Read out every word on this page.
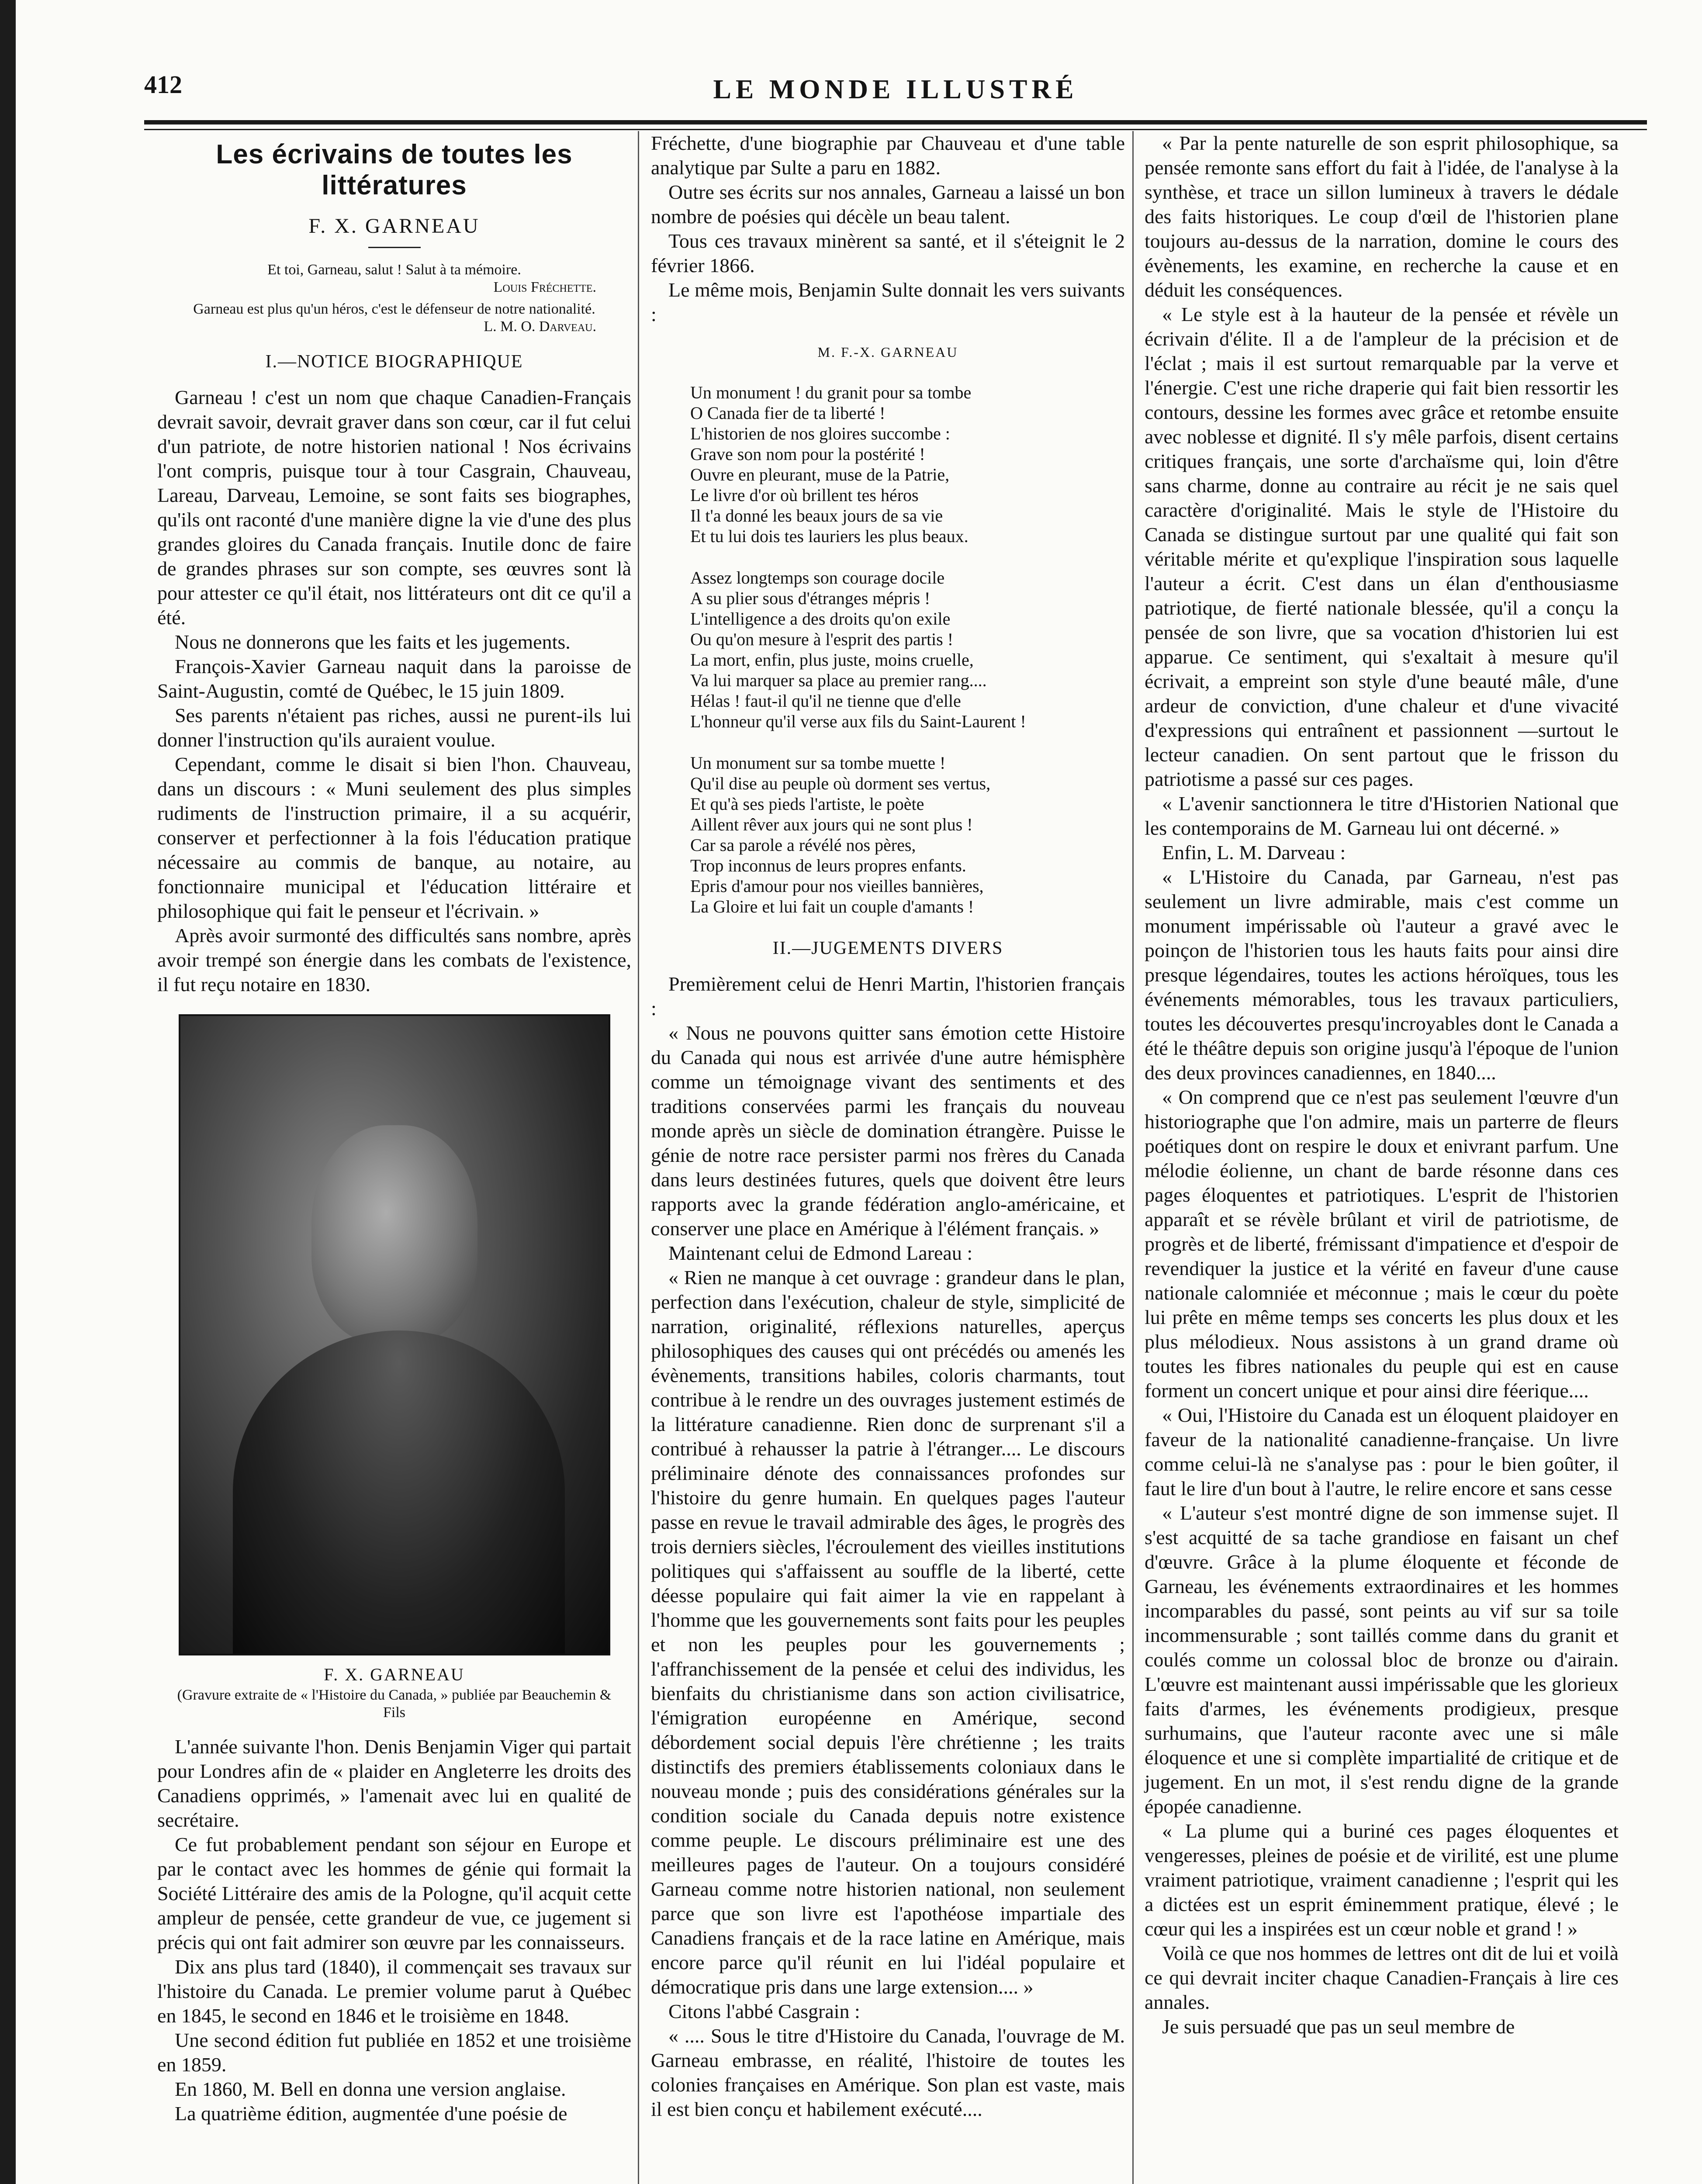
412	LE MONDE ILLUSTRÉ
Les écrivains de toutes les littératures
F. X. GARNEAU
Et toi, Garneau, salut ! Salut à ta mémoire.
Louis Fréchette.
Garneau est plus qu'un héros, c'est le défenseur de notre nationalité.
L. M. O. Darveau.
I.—NOTICE BIOGRAPHIQUE

Garneau ! c'est un nom que chaque Canadien-Français devrait savoir, devrait graver dans son cœur, car il fut celui d'un patriote, de notre historien national ! Nos écrivains l'ont compris, puisque tour à tour Casgrain, Chauveau, Lareau, Darveau, Lemoine, se sont faits ses biographes, qu'ils ont raconté d'une manière digne la vie d'une des plus grandes gloires du Canada français. Inutile donc de faire de grandes phrases sur son compte, ses œuvres sont là pour attester ce qu'il était, nos littérateurs ont dit ce qu'il a été.

Nous ne donnerons que les faits et les jugements.

François-Xavier Garneau naquit dans la paroisse de Saint-Augustin, comté de Québec, le 15 juin 1809.

Ses parents n'étaient pas riches, aussi ne purent-ils lui donner l'instruction qu'ils auraient voulue.

Cependant, comme le disait si bien l'hon. Chauveau, dans un discours : « Muni seulement des plus simples rudiments de l'instruction primaire, il a su acquérir, conserver et perfectionner à la fois l'éducation pratique nécessaire au commis de banque, au notaire, au fonctionnaire municipal et l'éducation littéraire et philosophique qui fait le penseur et l'écrivain. »

Après avoir surmonté des difficultés sans nombre, après avoir trempé son énergie dans les combats de l'existence, il fut reçu notaire en 1830.

F. X. GARNEAU
(Gravure extraite de « l'Histoire du Canada, » publiée par Beauchemin & Fils

L'année suivante l'hon. Denis Benjamin Viger qui partait pour Londres afin de « plaider en Angleterre les droits des Canadiens opprimés, » l'amenait avec lui en qualité de secrétaire.

Ce fut probablement pendant son séjour en Europe et par le contact avec les hommes de génie qui formait la Société Littéraire des amis de la Pologne, qu'il acquit cette ampleur de pensée, cette grandeur de vue, ce jugement si précis qui ont fait admirer son œuvre par les connaisseurs.

Dix ans plus tard (1840), il commençait ses travaux sur l'histoire du Canada. Le premier volume parut à Québec en 1845, le second en 1846 et le troisième en 1848.

Une second édition fut publiée en 1852 et une troisième en 1859.

En 1860, M. Bell en donna une version anglaise.

La quatrième édition, augmentée d'une poésie de

Fréchette, d'une biographie par Chauveau et d'une table analytique par Sulte a paru en 1882.

Outre ses écrits sur nos annales, Garneau a laissé un bon nombre de poésies qui décèle un beau talent.

Tous ces travaux minèrent sa santé, et il s'éteignit le 2 février 1866.

Le même mois, Benjamin Sulte donnait les vers suivants :

M. F.-X. GARNEAU
Un monument ! du granit pour sa tombe
O Canada fier de ta liberté !
L'historien de nos gloires succombe :
Grave son nom pour la postérité !
Ouvre en pleurant, muse de la Patrie,
Le livre d'or où brillent tes héros
Il t'a donné les beaux jours de sa vie
Et tu lui dois tes lauriers les plus beaux.
Assez longtemps son courage docile
A su plier sous d'étranges mépris !
L'intelligence a des droits qu'on exile
Ou qu'on mesure à l'esprit des partis !
La mort, enfin, plus juste, moins cruelle,
Va lui marquer sa place au premier rang....
Hélas ! faut-il qu'il ne tienne que d'elle
L'honneur qu'il verse aux fils du Saint-Laurent !
Un monument sur sa tombe muette !
Qu'il dise au peuple où dorment ses vertus,
Et qu'à ses pieds l'artiste, le poète
Aillent rêver aux jours qui ne sont plus !
Car sa parole a révélé nos pères,
Trop inconnus de leurs propres enfants.
Epris d'amour pour nos vieilles bannières,
La Gloire et lui fait un couple d'amants !
II.—JUGEMENTS DIVERS

Premièrement celui de Henri Martin, l'historien français :

« Nous ne pouvons quitter sans émotion cette Histoire du Canada qui nous est arrivée d'une autre hémisphère comme un témoignage vivant des sentiments et des traditions conservées parmi les français du nouveau monde après un siècle de domination étrangère. Puisse le génie de notre race persister parmi nos frères du Canada dans leurs destinées futures, quels que doivent être leurs rapports avec la grande fédération anglo-américaine, et conserver une place en Amérique à l'élément français. »

Maintenant celui de Edmond Lareau :

« Rien ne manque à cet ouvrage : grandeur dans le plan, perfection dans l'exécution, chaleur de style, simplicité de narration, originalité, réflexions naturelles, aperçus philosophiques des causes qui ont précédés ou amenés les évènements, transitions habiles, coloris charmants, tout contribue à le rendre un des ouvrages justement estimés de la littérature canadienne. Rien donc de surprenant s'il a contribué à rehausser la patrie à l'étranger.... Le discours préliminaire dénote des connaissances profondes sur l'histoire du genre humain. En quelques pages l'auteur passe en revue le travail admirable des âges, le progrès des trois derniers siècles, l'écroulement des vieilles institutions politiques qui s'affaissent au souffle de la liberté, cette déesse populaire qui fait aimer la vie en rappelant à l'homme que les gouvernements sont faits pour les peuples et non les peuples pour les gouvernements ; l'affranchissement de la pensée et celui des individus, les bienfaits du christianisme dans son action civilisatrice, l'émigration européenne en Amérique, second débordement social depuis l'ère chrétienne ; les traits distinctifs des premiers établissements coloniaux dans le nouveau monde ; puis des considérations générales sur la condition sociale du Canada depuis notre existence comme peuple. Le discours préliminaire est une des meilleures pages de l'auteur. On a toujours considéré Garneau comme notre historien national, non seulement parce que son livre est l'apothéose impartiale des Canadiens français et de la race latine en Amérique, mais encore parce qu'il réunit en lui l'idéal populaire et démocratique pris dans une large extension.... »

Citons l'abbé Casgrain :

« .... Sous le titre d'Histoire du Canada, l'ouvrage de M. Garneau embrasse, en réalité, l'histoire de toutes les colonies françaises en Amérique. Son plan est vaste, mais il est bien conçu et habilement exécuté....

« Par la pente naturelle de son esprit philosophique, sa pensée remonte sans effort du fait à l'idée, de l'analyse à la synthèse, et trace un sillon lumineux à travers le dédale des faits historiques. Le coup d'œil de l'historien plane toujours au-dessus de la narration, domine le cours des évènements, les examine, en recherche la cause et en déduit les conséquences.

« Le style est à la hauteur de la pensée et révèle un écrivain d'élite. Il a de l'ampleur de la précision et de l'éclat ; mais il est surtout remarquable par la verve et l'énergie. C'est une riche draperie qui fait bien ressortir les contours, dessine les formes avec grâce et retombe ensuite avec noblesse et dignité. Il s'y mêle parfois, disent certains critiques français, une sorte d'archaïsme qui, loin d'être sans charme, donne au contraire au récit je ne sais quel caractère d'originalité. Mais le style de l'Histoire du Canada se distingue surtout par une qualité qui fait son véritable mérite et qu'explique l'inspiration sous laquelle l'auteur a écrit. C'est dans un élan d'enthousiasme patriotique, de fierté nationale blessée, qu'il a conçu la pensée de son livre, que sa vocation d'historien lui est apparue. Ce sentiment, qui s'exaltait à mesure qu'il écrivait, a empreint son style d'une beauté mâle, d'une ardeur de conviction, d'une chaleur et d'une vivacité d'expressions qui entraînent et passionnent —surtout le lecteur canadien. On sent partout que le frisson du patriotisme a passé sur ces pages.

« L'avenir sanctionnera le titre d'Historien National que les contemporains de M. Garneau lui ont décerné. »

Enfin, L. M. Darveau :

« L'Histoire du Canada, par Garneau, n'est pas seulement un livre admirable, mais c'est comme un monument impérissable où l'auteur a gravé avec le poinçon de l'historien tous les hauts faits pour ainsi dire presque légendaires, toutes les actions héroïques, tous les événements mémorables, tous les travaux particuliers, toutes les découvertes presqu'incroyables dont le Canada a été le théâtre depuis son origine jusqu'à l'époque de l'union des deux provinces canadiennes, en 1840....

« On comprend que ce n'est pas seulement l'œuvre d'un historiographe que l'on admire, mais un parterre de fleurs poétiques dont on respire le doux et enivrant parfum. Une mélodie éolienne, un chant de barde résonne dans ces pages éloquentes et patriotiques. L'esprit de l'historien apparaît et se révèle brûlant et viril de patriotisme, de progrès et de liberté, frémissant d'impatience et d'espoir de revendiquer la justice et la vérité en faveur d'une cause nationale calomniée et méconnue ; mais le cœur du poète lui prête en même temps ses concerts les plus doux et les plus mélodieux. Nous assistons à un grand drame où toutes les fibres nationales du peuple qui est en cause forment un concert unique et pour ainsi dire féerique....

« Oui, l'Histoire du Canada est un éloquent plaidoyer en faveur de la nationalité canadienne-française. Un livre comme celui-là ne s'analyse pas : pour le bien goûter, il faut le lire d'un bout à l'autre, le relire encore et sans cesse

« L'auteur s'est montré digne de son immense sujet. Il s'est acquitté de sa tache grandiose en faisant un chef d'œuvre. Grâce à la plume éloquente et féconde de Garneau, les événements extraordinaires et les hommes incomparables du passé, sont peints au vif sur sa toile incommensurable ; sont taillés comme dans du granit et coulés comme un colossal bloc de bronze ou d'airain. L'œuvre est maintenant aussi impérissable que les glorieux faits d'armes, les événements prodigieux, presque surhumains, que l'auteur raconte avec une si mâle éloquence et une si complète impartialité de critique et de jugement. En un mot, il s'est rendu digne de la grande épopée canadienne.

« La plume qui a buriné ces pages éloquentes et vengeresses, pleines de poésie et de virilité, est une plume vraiment patriotique, vraiment canadienne ; l'esprit qui les a dictées est un esprit éminemment pratique, élevé ; le cœur qui les a inspirées est un cœur noble et grand ! »

Voilà ce que nos hommes de lettres ont dit de lui et voilà ce qui devrait inciter chaque Canadien-Français à lire ces annales.

Je suis persuadé que pas un seul membre de
